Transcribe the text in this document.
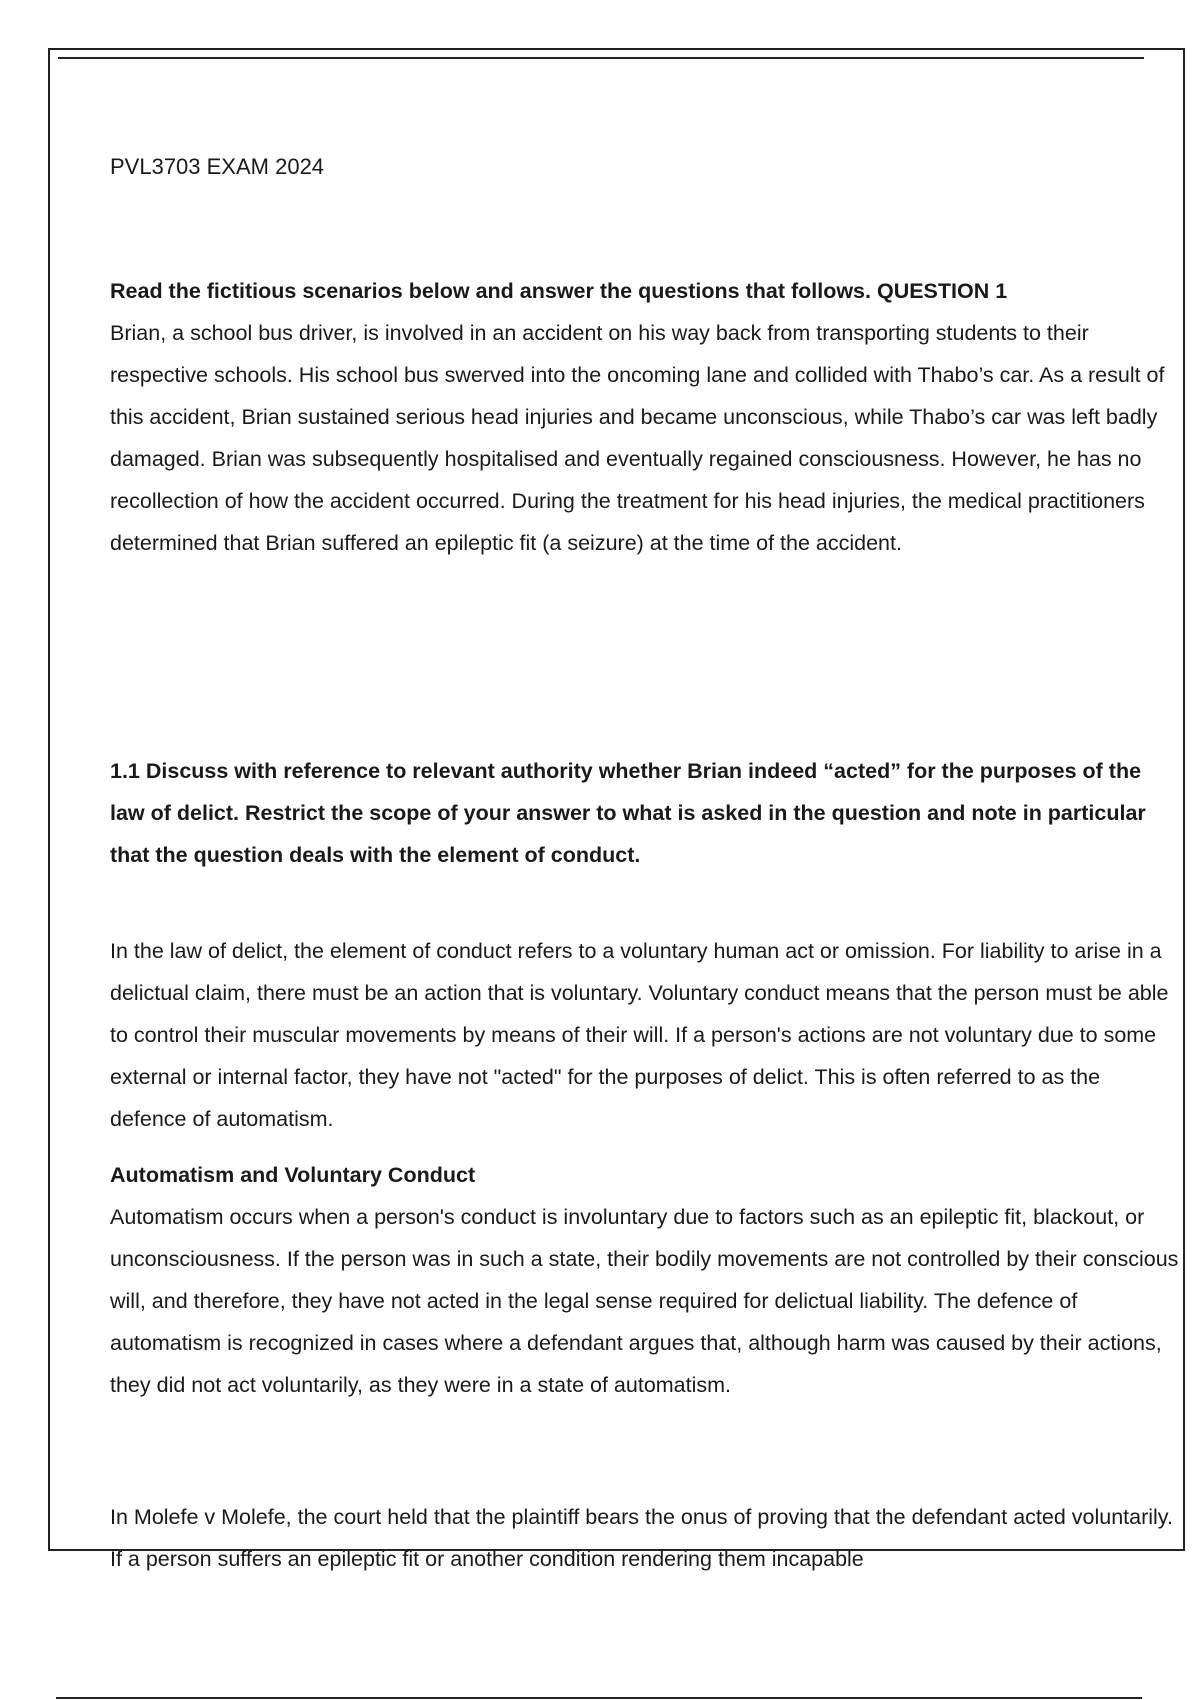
PVL3703 EXAM 2024

Read the fictitious scenarios below and answer the questions that follows. QUESTION 1

Brian, a school bus driver, is involved in an accident on his way back from transporting students to their respective schools. His school bus swerved into the oncoming lane and collided with Thabo’s car. As a result of this accident, Brian sustained serious head injuries and became unconscious, while Thabo’s car was left badly damaged. Brian was subsequently hospitalised and eventually regained consciousness. However, he has no recollection of how the accident occurred. During the treatment for his head injuries, the medical practitioners determined that Brian suffered an epileptic fit (a seizure) at the time of the accident.

1.1 Discuss with reference to relevant authority whether Brian indeed “acted” for the purposes of the law of delict. Restrict the scope of your answer to what is asked in the question and note in particular that the question deals with the element of conduct.

In the law of delict, the element of conduct refers to a voluntary human act or omission. For liability to arise in a delictual claim, there must be an action that is voluntary. Voluntary conduct means that the person must be able to control their muscular movements by means of their will. If a person's actions are not voluntary due to some external or internal factor, they have not "acted" for the purposes of delict. This is often referred to as the defence of automatism.

Automatism and Voluntary Conduct

Automatism occurs when a person's conduct is involuntary due to factors such as an epileptic fit, blackout, or unconsciousness. If the person was in such a state, their bodily movements are not controlled by their conscious will, and therefore, they have not acted in the legal sense required for delictual liability. The defence of automatism is recognized in cases where a defendant argues that, although harm was caused by their actions, they did not act voluntarily, as they were in a state of automatism.

In Molefe v Molefe, the court held that the plaintiff bears the onus of proving that the defendant acted voluntarily. If a person suffers an epileptic fit or another condition rendering them incapable
